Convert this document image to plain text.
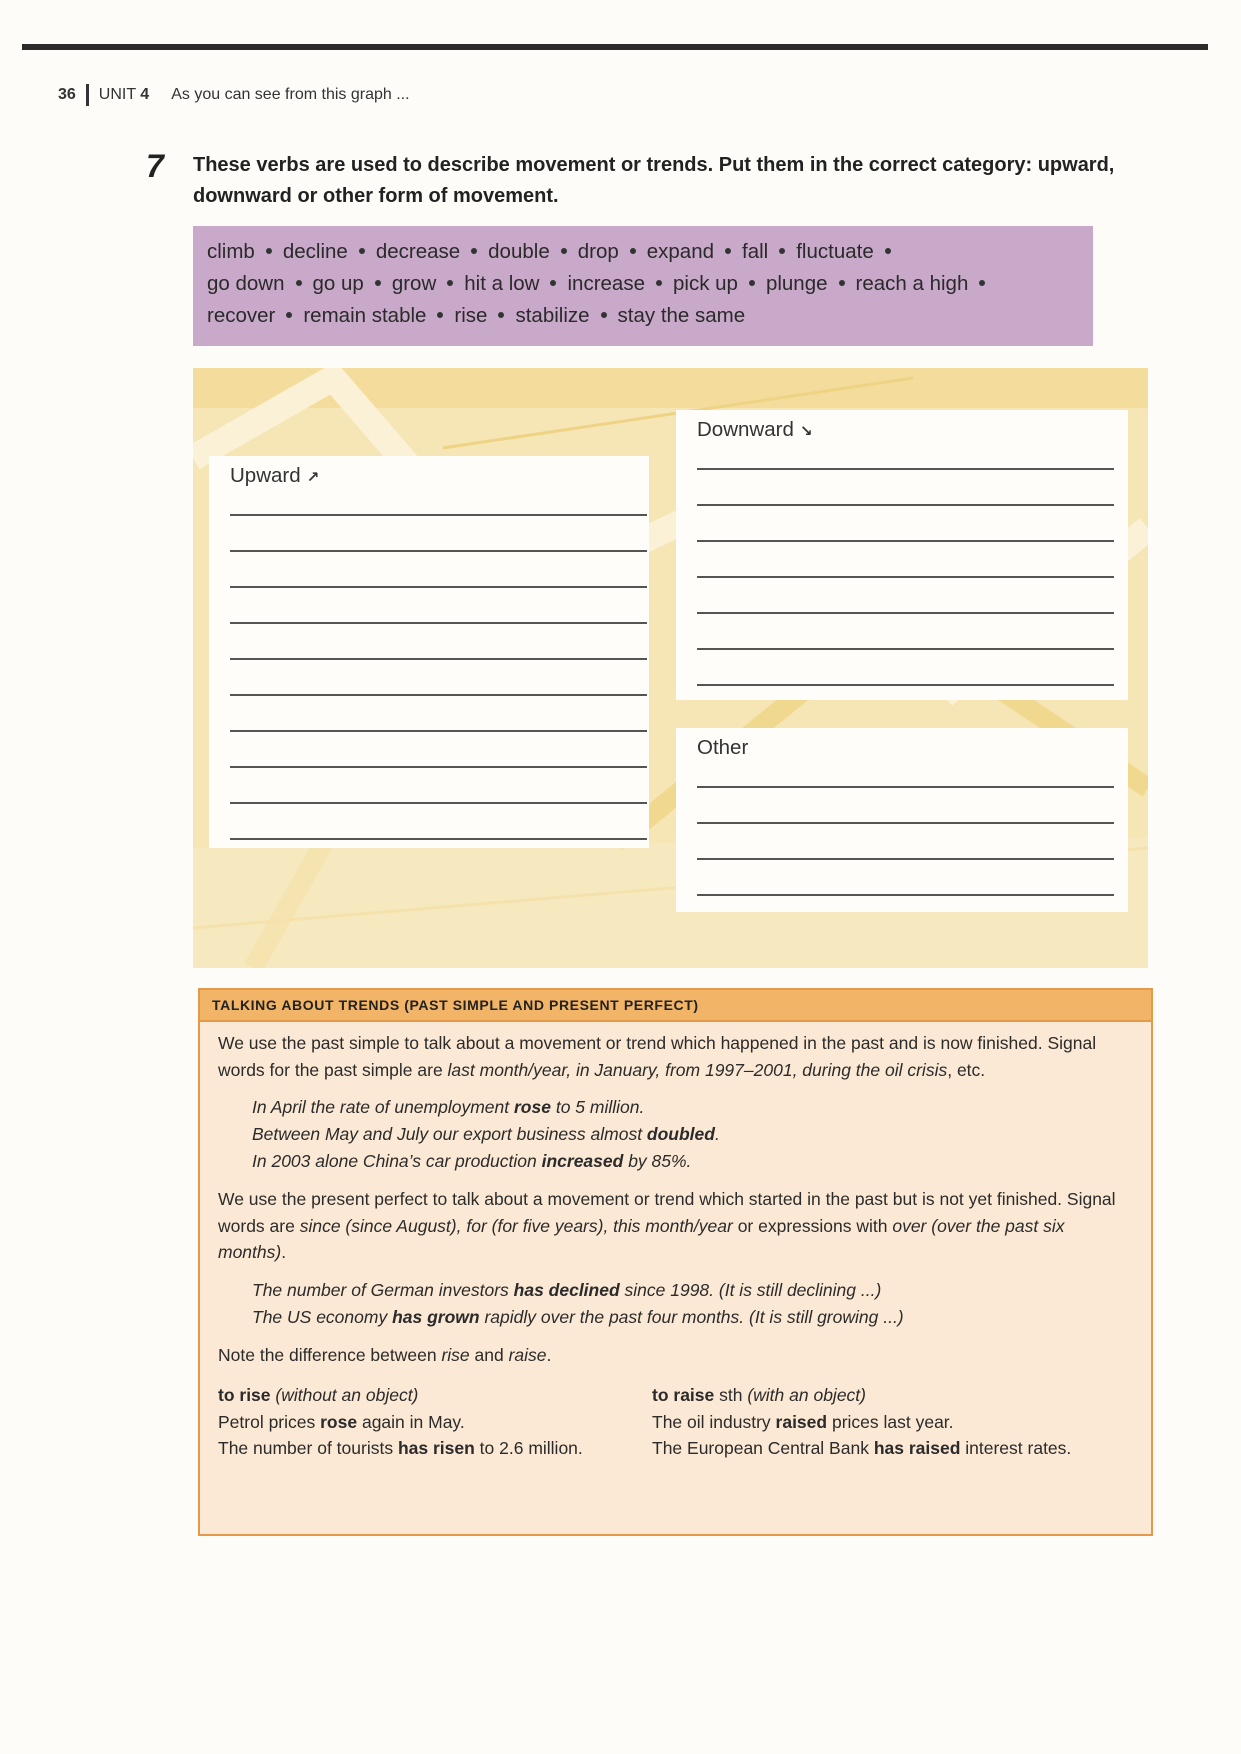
36 UNIT 4 As you can see from this graph ...
7 These verbs are used to describe movement or trends. Put them in the correct category: upward, downward or other form of movement.
climb decline decrease double drop expand fall fluctuate
go down go up grow hit a low increase pick up plunge reach a high
recover remain stable rise stabilize stay the same
Upward ↗
Downward ↘
Other
TALKING ABOUT TRENDS (PAST SIMPLE AND PRESENT PERFECT)

We use the past simple to talk about a movement or trend which happened in the past and is now finished. Signal words for the past simple are last month/year, in January, from 1997–2001, during the oil crisis, etc.

In April the rate of unemployment rose to 5 million.
Between May and July our export business almost doubled.
In 2003 alone China’s car production increased by 85%.

We use the present perfect to talk about a movement or trend which started in the past but is not yet finished. Signal words are since (since August), for (for five years), this month/year or expressions with over (over the past six months).

The number of German investors has declined since 1998. (It is still declining ...)
The US economy has grown rapidly over the past four months. (It is still growing ...)

Note the difference between rise and raise.

to rise (without an object)
Petrol prices rose again in May.
The number of tourists has risen to 2.6 million.
to raise sth (with an object)
The oil industry raised prices last year.
The European Central Bank has raised interest rates.
